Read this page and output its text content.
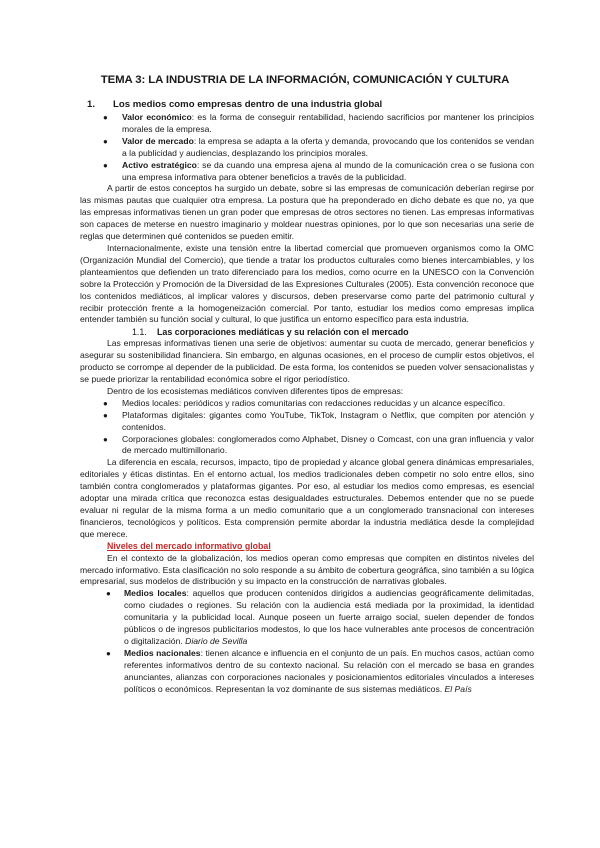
TEMA 3: LA INDUSTRIA DE LA INFORMACIÓN, COMUNICACIÓN Y CULTURA
1.	Los medios como empresas dentro de una industria global
● Valor económico: es la forma de conseguir rentabilidad, haciendo sacrificios por mantener los principios morales de la empresa.
● Valor de mercado: la empresa se adapta a la oferta y demanda, provocando que los contenidos se vendan a la publicidad y audiencias, desplazando los principios morales.
● Activo estratégico: se da cuando una empresa ajena al mundo de la comunicación crea o se fusiona con una empresa informativa para obtener beneficios a través de la publicidad.

A partir de estos conceptos ha surgido un debate, sobre si las empresas de comunicación deberían regirse por las mismas pautas que cualquier otra empresa. La postura que ha preponderado en dicho debate es que no, ya que las empresas informativas tienen un gran poder que empresas de otros sectores no tienen. Las empresas informativas son capaces de meterse en nuestro imaginario y moldear nuestras opiniones, por lo que son necesarias una serie de reglas que determinen qué contenidos se pueden emitir.

Internacionalmente, existe una tensión entre la libertad comercial que promueven organismos como la OMC (Organización Mundial del Comercio), que tiende a tratar los productos culturales como bienes intercambiables, y los planteamientos que defienden un trato diferenciado para los medios, como ocurre en la UNESCO con la Convención sobre la Protección y Promoción de la Diversidad de las Expresiones Culturales (2005). Esta convención reconoce que los contenidos mediáticos, al implicar valores y discursos, deben preservarse como parte del patrimonio cultural y recibir protección frente a la homogeneización comercial. Por tanto, estudiar los medios como empresas implica entender también su función social y cultural, lo que justifica un entorno específico para esta industria.

1.1.	Las corporaciones mediáticas y su relación con el mercado

Las empresas informativas tienen una serie de objetivos: aumentar su cuota de mercado, generar beneficios y asegurar su sostenibilidad financiera. Sin embargo, en algunas ocasiones, en el proceso de cumplir estos objetivos, el producto se corrompe al depender de la publicidad. De esta forma, los contenidos se pueden volver sensacionalistas y se puede priorizar la rentabilidad económica sobre el rigor periodístico.

Dentro de los ecosistemas mediáticos conviven diferentes tipos de empresas:

● Medios locales: periódicos y radios comunitarias con redacciones reducidas y un alcance específico.
● Plataformas digitales: gigantes como YouTube, TikTok, Instagram o Netflix, que compiten por atención y contenidos.
● Corporaciones globales: conglomerados como Alphabet, Disney o Comcast, con una gran influencia y valor de mercado multimillonario.

La diferencia en escala, recursos, impacto, tipo de propiedad y alcance global genera dinámicas empresariales, editoriales y éticas distintas. En el entorno actual, los medios tradicionales deben competir no solo entre ellos, sino también contra conglomerados y plataformas gigantes. Por eso, al estudiar los medios como empresas, es esencial adoptar una mirada crítica que reconozca estas desigualdades estructurales. Debemos entender que no se puede evaluar ni regular de la misma forma a un medio comunitario que a un conglomerado transnacional con intereses financieros, tecnológicos y políticos. Esta comprensión permite abordar la industria mediática desde la complejidad que merece.

Niveles del mercado informativo global

En el contexto de la globalización, los medios operan como empresas que compiten en distintos niveles del mercado informativo. Esta clasificación no solo responde a su ámbito de cobertura geográfica, sino también a su lógica empresarial, sus modelos de distribución y su impacto en la construcción de narrativas globales.

● Medios locales: aquellos que producen contenidos dirigidos a audiencias geográficamente delimitadas, como ciudades o regiones. Su relación con la audiencia está mediada por la proximidad, la identidad comunitaria y la publicidad local. Aunque poseen un fuerte arraigo social, suelen depender de fondos públicos o de ingresos publicitarios modestos, lo que los hace vulnerables ante procesos de concentración o digitalización. Diario de Sevilla
● Medios nacionales: tienen alcance e influencia en el conjunto de un país. En muchos casos, actúan como referentes informativos dentro de su contexto nacional. Su relación con el mercado se basa en grandes anunciantes, alianzas con corporaciones nacionales y posicionamientos editoriales vinculados a intereses políticos o económicos. Representan la voz dominante de sus sistemas mediáticos. El País
